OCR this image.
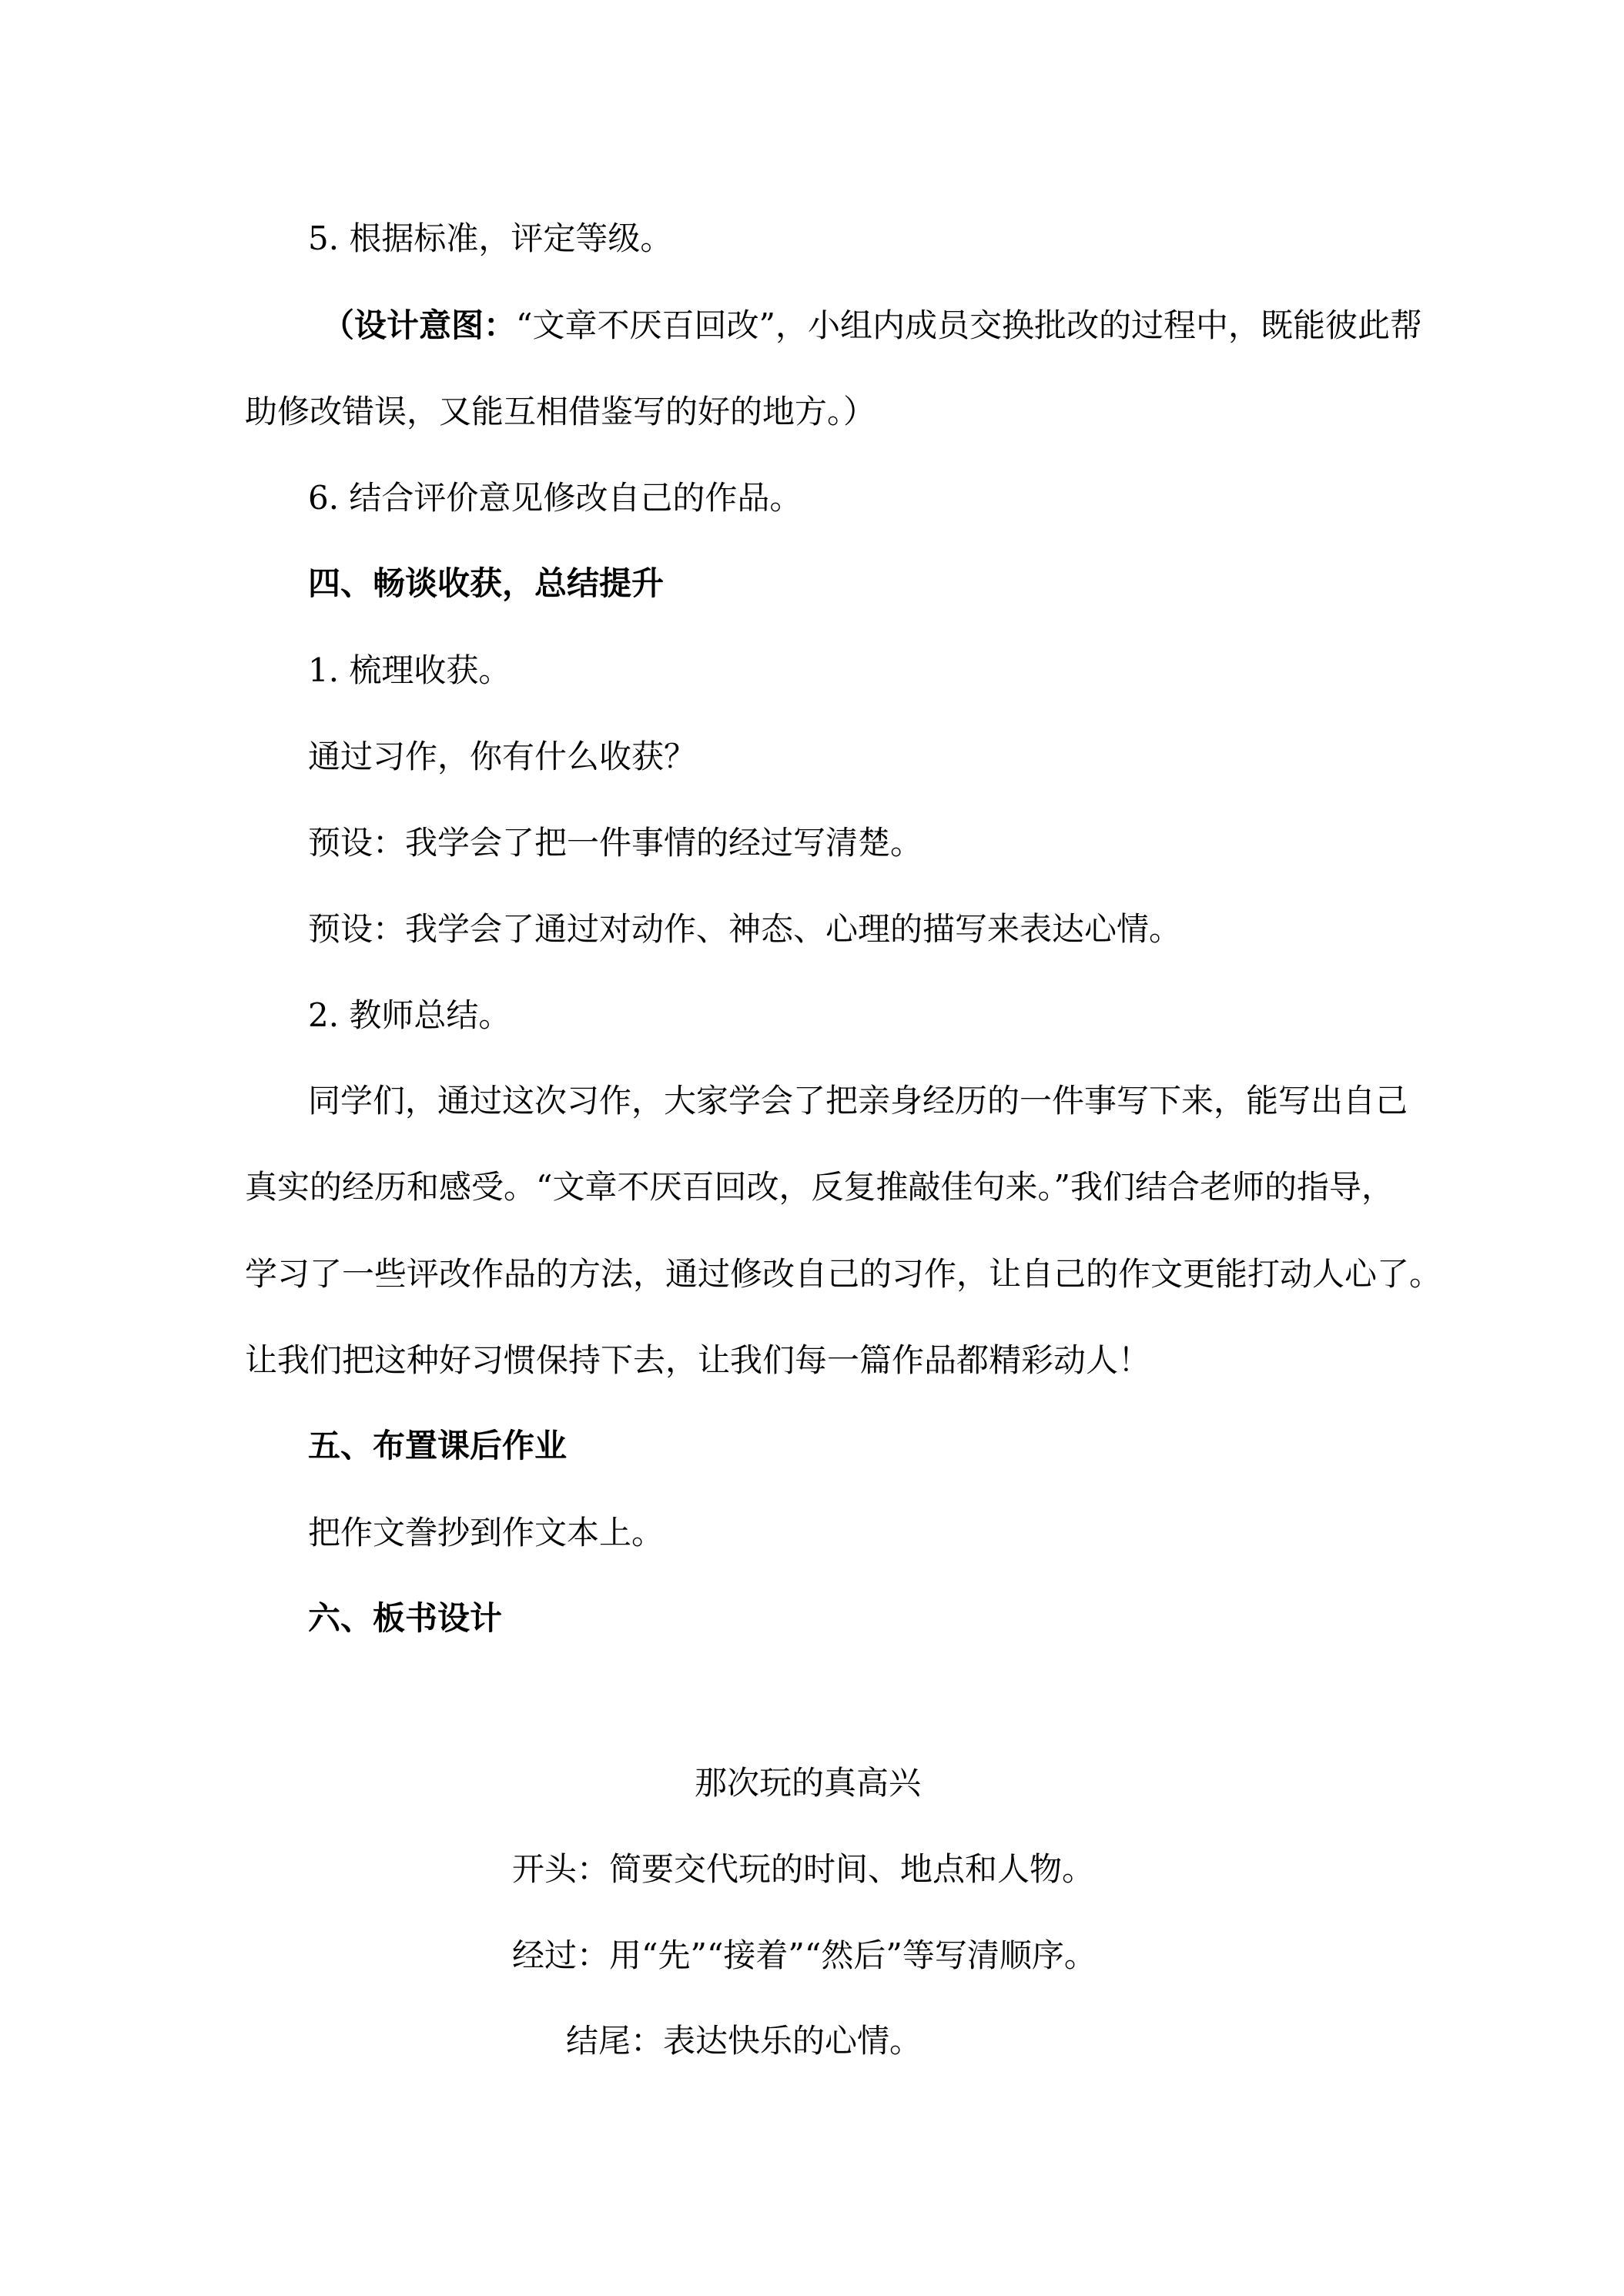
5. 根据标准，评定等级。
（设计意图：“文章不厌百回改”，小组内成员交换批改的过程中，既能彼此帮
助修改错误，又能互相借鉴写的好的地方。）
6. 结合评价意见修改自己的作品。
四、畅谈收获，总结提升
1. 梳理收获。
通过习作，你有什么收获？
预设：我学会了把一件事情的经过写清楚。
预设：我学会了通过对动作、神态、心理的描写来表达心情。
2. 教师总结。
同学们，通过这次习作，大家学会了把亲身经历的一件事写下来，能写出自己
真实的经历和感受。“文章不厌百回改，反复推敲佳句来。”我们结合老师的指导，
学习了一些评改作品的方法，通过修改自己的习作，让自己的作文更能打动人心了。
让我们把这种好习惯保持下去，让我们每一篇作品都精彩动人！
五、布置课后作业
把作文誊抄到作文本上。
六、板书设计
那次玩的真高兴
开头：简要交代玩的时间、地点和人物。
经过：用“先”“接着”“然后”等写清顺序。
结尾：表达快乐的心情。
